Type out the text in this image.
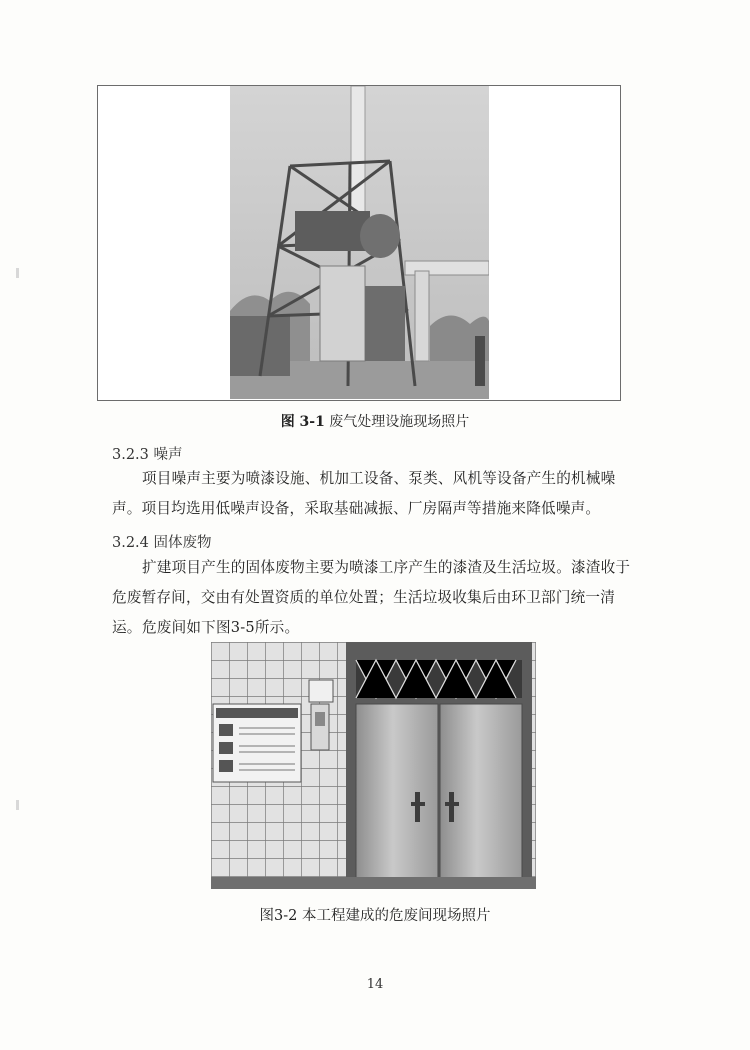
图 3-1 废气处理设施现场照片
3.2.3 噪声
项目噪声主要为喷漆设施、机加工设备、泵类、风机等设备产生的机械噪声。项目均选用低噪声设备，采取基础减振、厂房隔声等措施来降低噪声。
3.2.4 固体废物
扩建项目产生的固体废物主要为喷漆工序产生的漆渣及生活垃圾。漆渣收于危废暂存间，交由有处置资质的单位处置；生活垃圾收集后由环卫部门统一清运。 危废间如下图3-5所示。
图3-2 本工程建成的危废间现场照片
14
